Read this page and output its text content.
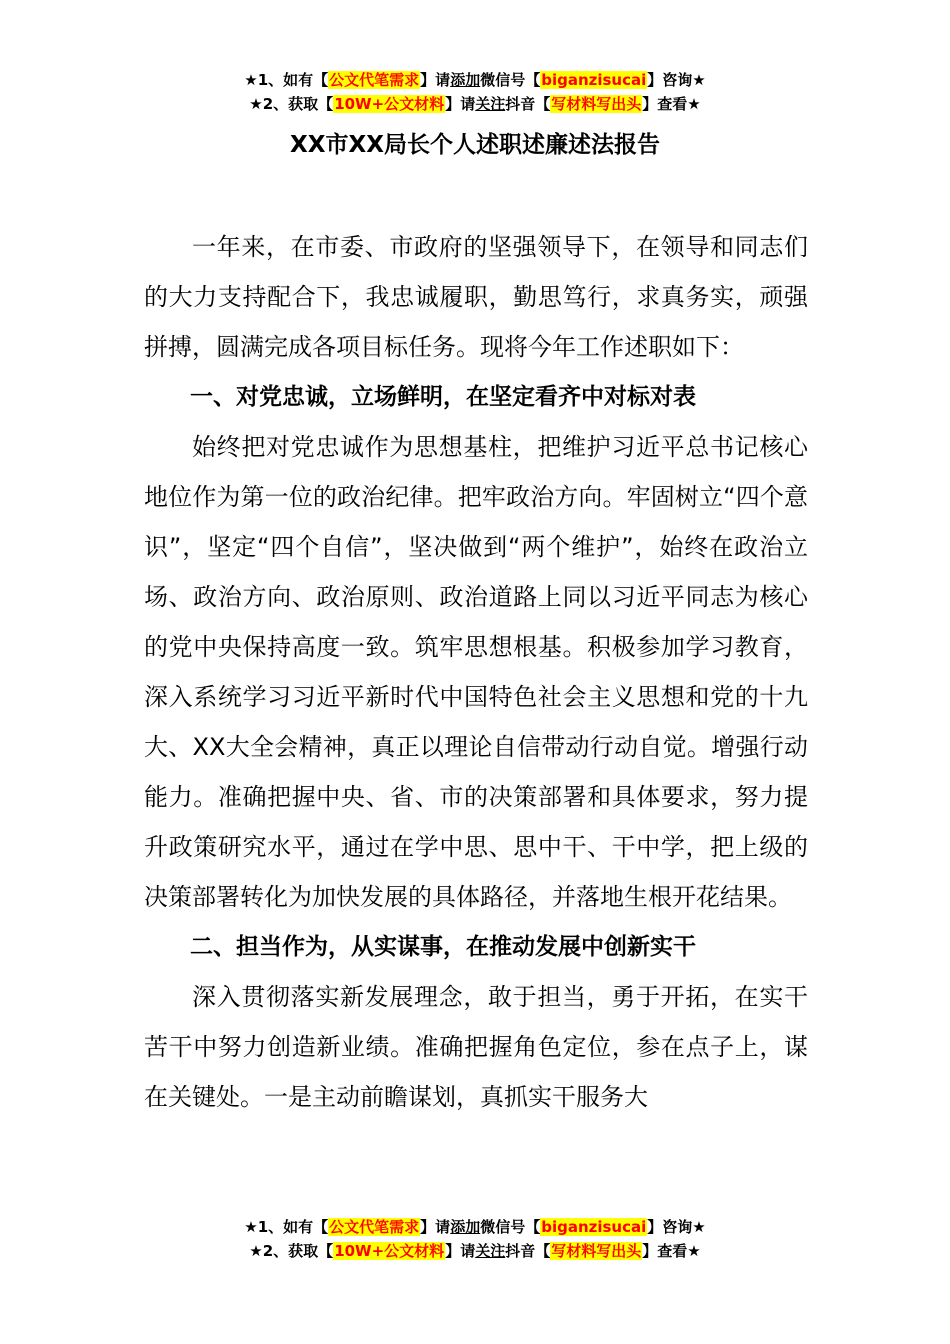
★1、如有【公文代笔需求】请添加微信号【biganzisucai】咨询★
★2、获取【10W+公文材料】请关注抖音【写材料写出头】查看★
XX市XX局长个人述职述廉述法报告

一年来，在市委、市政府的坚强领导下，在领导和同志们的大力支持配合下，我忠诚履职，勤思笃行，求真务实，顽强拼搏，圆满完成各项目标任务。现将今年工作述职如下：

一、对党忠诚，立场鲜明，在坚定看齐中对标对表

始终把对党忠诚作为思想基柱，把维护习近平总书记核心地位作为第一位的政治纪律。把牢政治方向。牢固树立“四个意识”，坚定“四个自信”，坚决做到“两个维护”，始终在政治立场、政治方向、政治原则、政治道路上同以习近平同志为核心的党中央保持高度一致。筑牢思想根基。积极参加学习教育，深入系统学习习近平新时代中国特色社会主义思想和党的十九大、XX大全会精神，真正以理论自信带动行动自觉。增强行动能力。准确把握中央、省、市的决策部署和具体要求，努力提升政策研究水平，通过在学中思、思中干、干中学，把上级的决策部署转化为加快发展的具体路径，并落地生根开花结果。

二、担当作为，从实谋事，在推动发展中创新实干

深入贯彻落实新发展理念，敢于担当，勇于开拓，在实干苦干中努力创造新业绩。准确把握角色定位，参在点子上，谋在关键处。一是主动前瞻谋划，真抓实干服务大

★1、如有【公文代笔需求】请添加微信号【biganzisucai】咨询★
★2、获取【10W+公文材料】请关注抖音【写材料写出头】查看★
